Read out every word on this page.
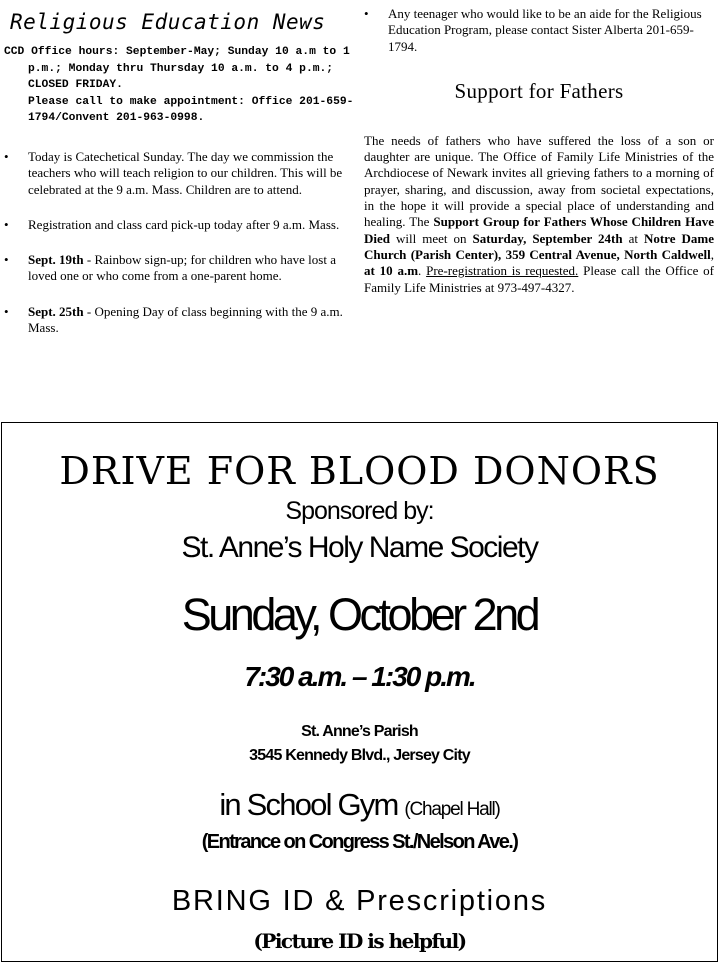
Religious Education News

CCD Office hours: September-May; Sunday 10 a.m to 1 p.m.; Monday thru Thursday 10 a.m. to 4 p.m.; CLOSED FRIDAY.
Please call to make appointment: Office 201-659-1794/Convent 201-963-0998.

• Today is Catechetical Sunday. The day we commission the teachers who will teach religion to our children. This will be celebrated at the 9 a.m. Mass. Children are to attend.
• Registration and class card pick-up today after 9 a.m. Mass.
• Sept. 19th - Rainbow sign-up; for children who have lost a loved one or who come from a one-parent home.
• Sept. 25th - Opening Day of class beginning with the 9 a.m. Mass.
• Any teenager who would like to be an aide for the Religious Education Program, please contact Sister Alberta 201-659-1794.
Support for Fathers

The needs of fathers who have suffered the loss of a son or daughter are unique. The Office of Family Life Ministries of the Archdiocese of Newark invites all grieving fathers to a morning of prayer, sharing, and discussion, away from societal expectations, in the hope it will provide a special place of understanding and healing. The Support Group for Fathers Whose Children Have Died will meet on Saturday, September 24th at Notre Dame Church (Parish Center), 359 Central Avenue, North Caldwell, at 10 a.m. Pre-registration is requested. Please call the Office of Family Life Ministries at 973-497-4327.

DRIVE FOR BLOOD DONORS
Sponsored by:
St. Anne’s Holy Name Society
Sunday, October 2nd
7:30 a.m. – 1:30 p.m.
St. Anne’s Parish
3545 Kennedy Blvd., Jersey City
in School Gym (Chapel Hall)
(Entrance on Congress St./Nelson Ave.)
BRING ID & Prescriptions
(Picture ID is helpful)
